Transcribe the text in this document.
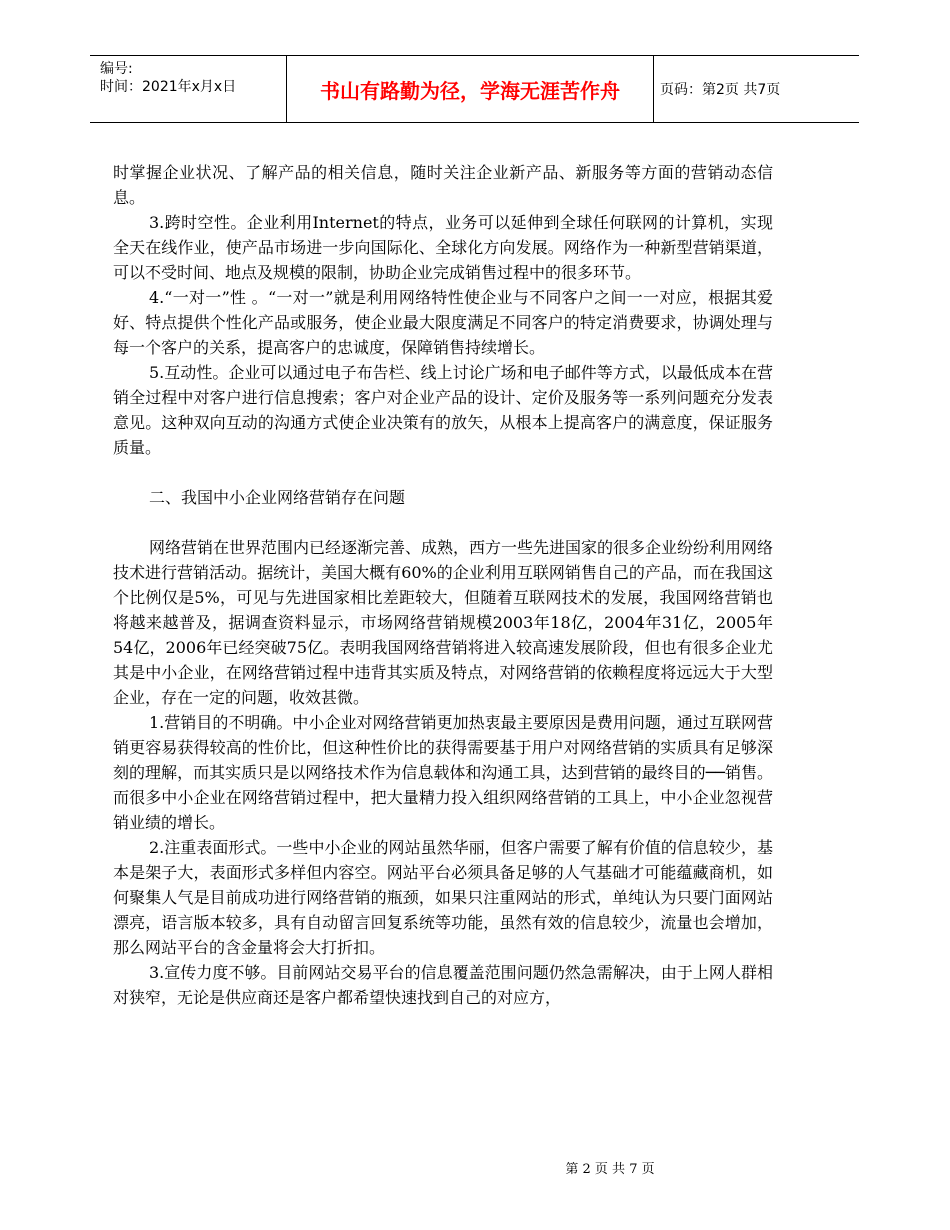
编号:
时间：2021年x月x日	书山有路勤为径，学海无涯苦作舟	页码：第2页 共7页

时掌握企业状况、了解产品的相关信息，随时关注企业新产品、新服务等方面的营销动态信息。

3.跨时空性。企业利用Internet的特点，业务可以延伸到全球任何联网的计算机，实现全天在线作业，使产品市场进一步向国际化、全球化方向发展。网络作为一种新型营销渠道，可以不受时间、地点及规模的限制，协助企业完成销售过程中的很多环节。

4.“一对一”性 。“一对一”就是利用网络特性使企业与不同客户之间一一对应，根据其爱好、特点提供个性化产品或服务，使企业最大限度满足不同客户的特定消费要求，协调处理与每一个客户的关系，提高客户的忠诚度，保障销售持续增长。

5.互动性。企业可以通过电子布告栏、线上讨论广场和电子邮件等方式，以最低成本在营销全过程中对客户进行信息搜索；客户对企业产品的设计、定价及服务等一系列问题充分发表意见。这种双向互动的沟通方式使企业决策有的放矢，从根本上提高客户的满意度，保证服务质量。

二、我国中小企业网络营销存在问题

网络营销在世界范围内已经逐渐完善、成熟，西方一些先进国家的很多企业纷纷利用网络技术进行营销活动。据统计，美国大概有60%的企业利用互联网销售自己的产品，而在我国这个比例仅是5%，可见与先进国家相比差距较大，但随着互联网技术的发展，我国网络营销也将越来越普及，据调查资料显示，市场网络营销规模2003年18亿，2004年31亿，2005年54亿，2006年已经突破75亿。表明我国网络营销将进入较高速发展阶段，但也有很多企业尤其是中小企业，在网络营销过程中违背其实质及特点，对网络营销的依赖程度将远远大于大型企业，存在一定的问题，收效甚微。

1.营销目的不明确。中小企业对网络营销更加热衷最主要原因是费用问题，通过互联网营销更容易获得较高的性价比，但这种性价比的获得需要基于用户对网络营销的实质具有足够深刻的理解，而其实质只是以网络技术作为信息载体和沟通工具，达到营销的最终目的──销售。而很多中小企业在网络营销过程中，把大量精力投入组织网络营销的工具上，中小企业忽视营销业绩的增长。

2.注重表面形式。一些中小企业的网站虽然华丽，但客户需要了解有价值的信息较少，基本是架子大，表面形式多样但内容空。网站平台必须具备足够的人气基础才可能蕴藏商机，如何聚集人气是目前成功进行网络营销的瓶颈，如果只注重网站的形式，单纯认为只要门面网站漂亮，语言版本较多，具有自动留言回复系统等功能，虽然有效的信息较少，流量也会增加，那么网站平台的含金量将会大打折扣。

3.宣传力度不够。目前网站交易平台的信息覆盖范围问题仍然急需解决，由于上网人群相对狭窄，无论是供应商还是客户都希望快速找到自己的对应方，

第 2 页 共 7 页
